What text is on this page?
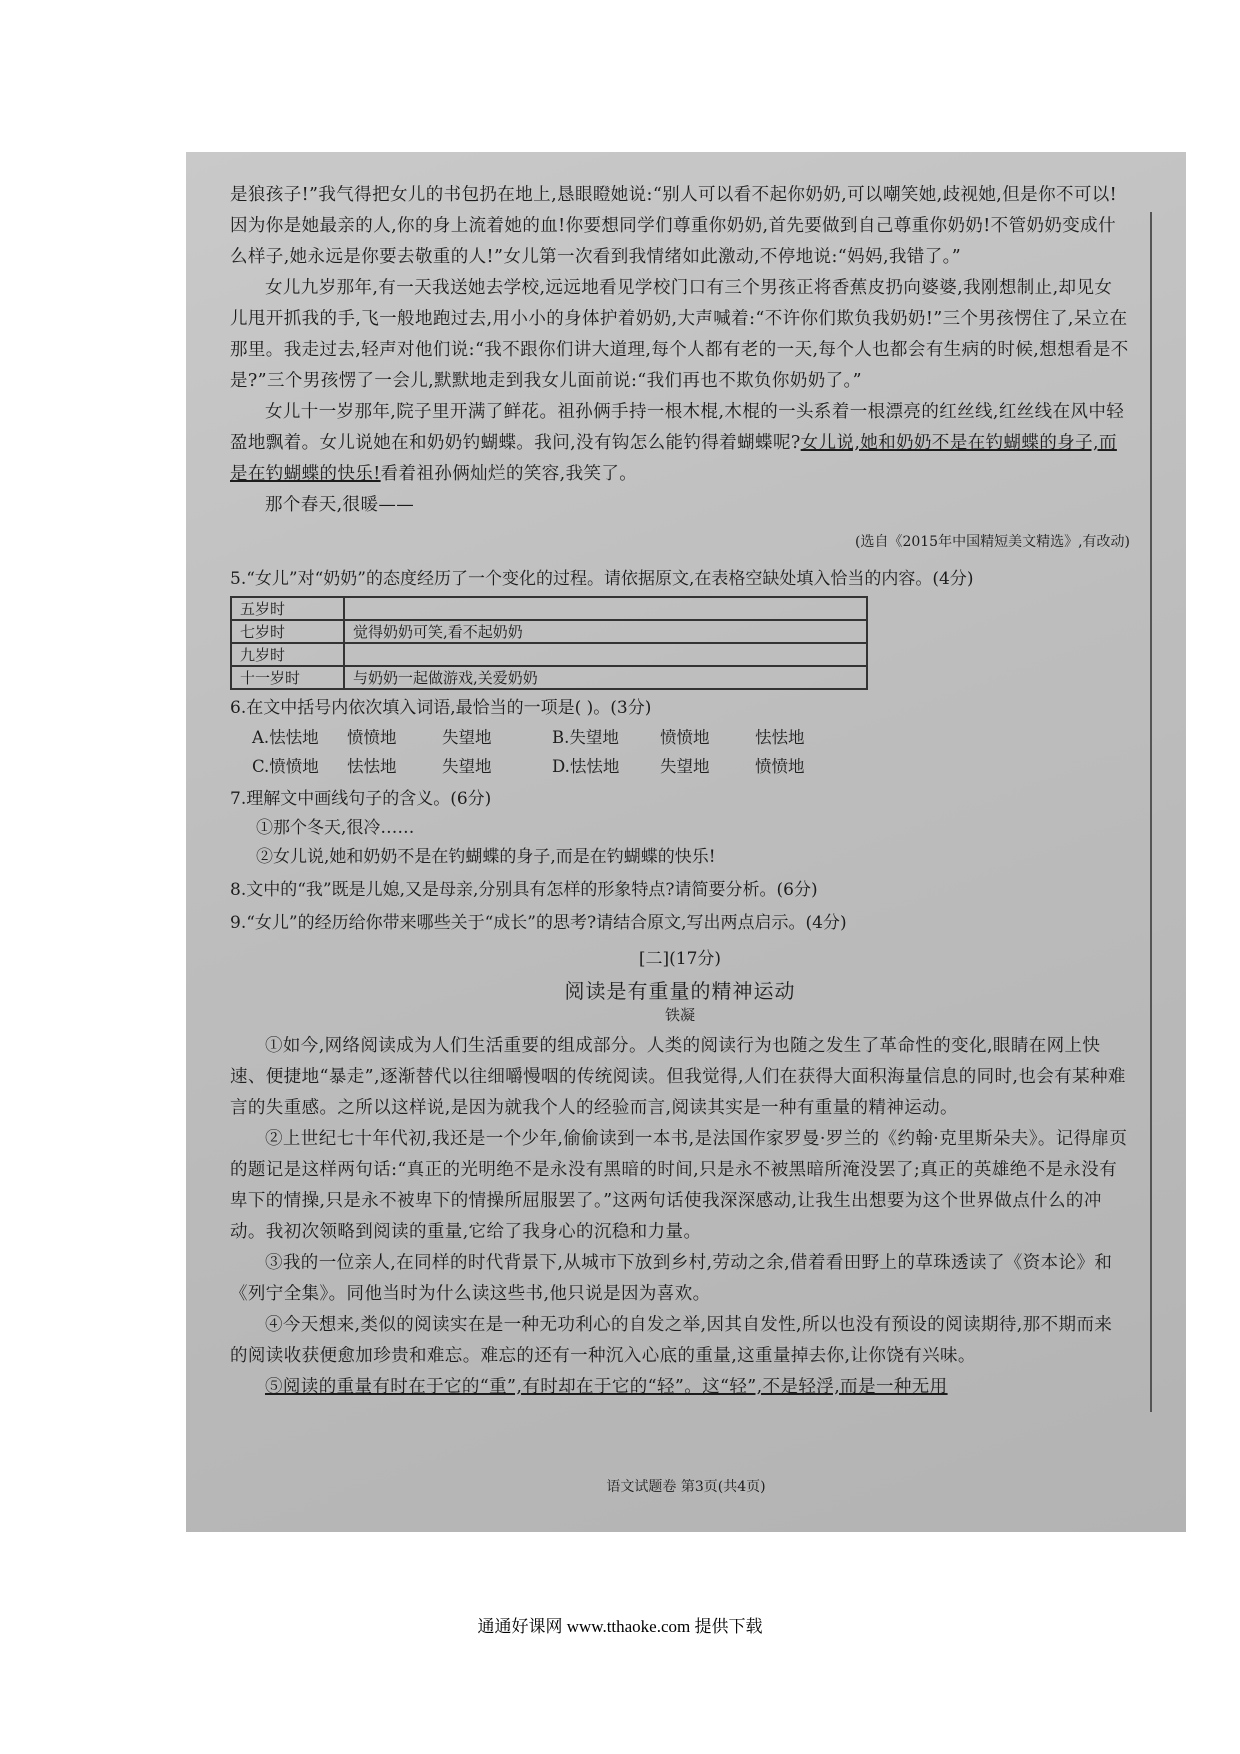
是狼孩子!”我气得把女儿的书包扔在地上,恳眼瞪她说:“别人可以看不起你奶奶,可以嘲笑她,歧视她,但是你不可以!因为你是她最亲的人,你的身上流着她的血!你要想同学们尊重你奶奶,首先要做到自己尊重你奶奶!不管奶奶变成什么样子,她永远是你要去敬重的人!”女儿第一次看到我情绪如此激动,不停地说:“妈妈,我错了。”

女儿九岁那年,有一天我送她去学校,远远地看见学校门口有三个男孩正将香蕉皮扔向婆婆,我刚想制止,却见女儿甩开抓我的手,飞一般地跑过去,用小小的身体护着奶奶,大声喊着:“不许你们欺负我奶奶!”三个男孩愣住了,呆立在那里。我走过去,轻声对他们说:“我不跟你们讲大道理,每个人都有老的一天,每个人也都会有生病的时候,想想看是不是?”三个男孩愣了一会儿,默默地走到我女儿面前说:“我们再也不欺负你奶奶了。”

女儿十一岁那年,院子里开满了鲜花。祖孙俩手持一根木棍,木棍的一头系着一根漂亮的红丝线,红丝线在风中轻盈地飘着。女儿说她在和奶奶钓蝴蝶。我问,没有钩怎么能钓得着蝴蝶呢?女儿说,她和奶奶不是在钓蝴蝶的身子,而是在钓蝴蝶的快乐!看着祖孙俩灿烂的笑容,我笑了。

那个春天,很暖——

(选自《2015年中国精短美文精选》,有改动)

5.“女儿”对“奶奶”的态度经历了一个变化的过程。请依据原文,在表格空缺处填入恰当的内容。(4分)

五岁时	
七岁时	觉得奶奶可笑,看不起奶奶
九岁时	
十一岁时	与奶奶一起做游戏,关爱奶奶

6.在文中括号内依次填入词语,最恰当的一项是( )。(3分)

A.怯怯地	愤愤地	失望地	B.失望地	愤愤地	怯怯地
C.愤愤地	怯怯地	失望地	D.怯怯地	失望地	愤愤地

7.理解文中画线句子的含义。(6分)

①那个冬天,很冷……
②女儿说,她和奶奶不是在钓蝴蝶的身子,而是在钓蝴蝶的快乐!

8.文中的“我”既是儿媳,又是母亲,分别具有怎样的形象特点?请简要分析。(6分)

9.“女儿”的经历给你带来哪些关于“成长”的思考?请结合原文,写出两点启示。(4分)

[二](17分)
阅读是有重量的精神运动
铁凝

①如今,网络阅读成为人们生活重要的组成部分。人类的阅读行为也随之发生了革命性的变化,眼睛在网上快速、便捷地“暴走”,逐渐替代以往细嚼慢咽的传统阅读。但我觉得,人们在获得大面积海量信息的同时,也会有某种难言的失重感。之所以这样说,是因为就我个人的经验而言,阅读其实是一种有重量的精神运动。

②上世纪七十年代初,我还是一个少年,偷偷读到一本书,是法国作家罗曼·罗兰的《约翰·克里斯朵夫》。记得扉页的题记是这样两句话:“真正的光明绝不是永没有黑暗的时间,只是永不被黑暗所淹没罢了;真正的英雄绝不是永没有卑下的情操,只是永不被卑下的情操所屈服罢了。”这两句话使我深深感动,让我生出想要为这个世界做点什么的冲动。我初次领略到阅读的重量,它给了我身心的沉稳和力量。

③我的一位亲人,在同样的时代背景下,从城市下放到乡村,劳动之余,借着看田野上的草珠透读了《资本论》和《列宁全集》。同他当时为什么读这些书,他只说是因为喜欢。

④今天想来,类似的阅读实在是一种无功利心的自发之举,因其自发性,所以也没有预设的阅读期待,那不期而来的阅读收获便愈加珍贵和难忘。难忘的还有一种沉入心底的重量,这重量掉去你,让你饶有兴味。

⑤阅读的重量有时在于它的“重”,有时却在于它的“轻”。这“轻”,不是轻浮,而是一种无用

语文试题卷 第3页(共4页)
通通好课网 www.tthaoke.com 提供下载
